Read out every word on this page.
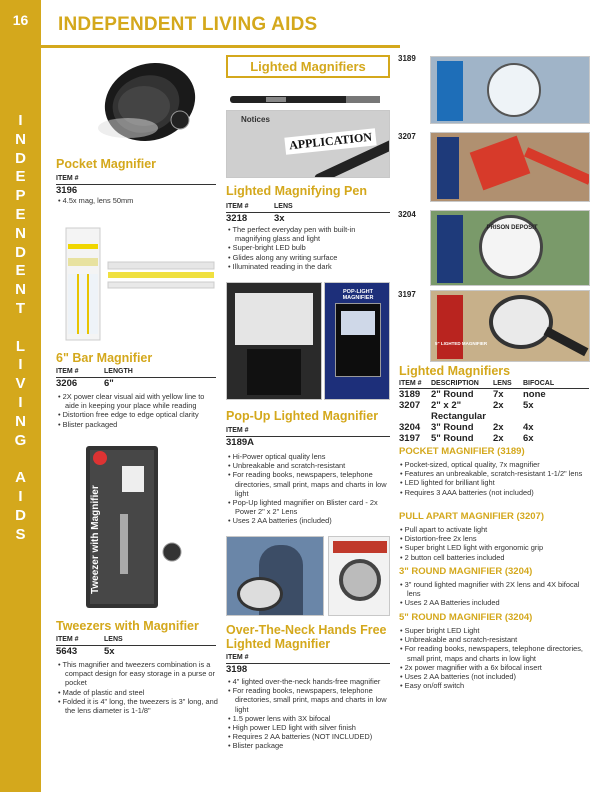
16
I
N
D
E
P
E
N
D
E
N
T
L
I
V
I
N
G
A
I
D
S
INDEPENDENT LIVING AIDS
Lighted Magnifiers
Pocket Magnifier
ITEM #
3196
• 4.5x mag, lens 50mm
6" Bar Magnifier
ITEM #	LENGTH
3206	6"
• 2X power clear visual aid with yellow line to aide in keeping your place while reading
• Distortion free edge to edge optical clarity
• Blister packaged
Tweezer with Magnifier
Tweezers with Magnifier
ITEM #	LENS
5643	5x
• This magnifier and tweezers combination is a compact design for easy storage in a purse or pocket
• Made of plastic and steel
• Folded it is 4" long, the tweezers is 3" long, and the lens diameter is 1-1/8"
Notices
APPLICATION
Lighted Magnifying Pen
ITEM #	LENS
3218	3x
• The perfect everyday pen with built-in magnifying glass and light
• Super-bright LED bulb
• Glides along any writing surface
• Illuminated reading in the dark
POP-LIGHT MAGNIFIER
Pop-Up Lighted Magnifier
ITEM #
3189A
• Hi-Power optical quality lens
• Unbreakable and scratch-resistant
• For reading books, newspapers, telephone directories, small print, maps and charts in low light
• Pop-Up lighted magnifier on Blister card - 2x Power 2" x 2" Lens
• Uses 2 AA batteries (included)
Over-The-Neck Hands Free Lighted Magnifier
ITEM #
3198
• 4" lighted over-the-neck hands-free magnifier
• For reading books, newspapers, telephone directories, small print, maps and charts in low light
• 1.5 power lens with 3X bifocal
• High power LED light with silver finish
• Requires 2 AA batteries (NOT INCLUDED)
• Blister package
3189
3207
3204
PRISON DEPOSIT
3197
5" LIGHTED MAGNIFIER
Lighted Magnifiers
ITEM #	DESCRIPTION	LENS	BIFOCAL
3189	2" Round	7x	none
3207	2" x 2" Rectangular	2x	5x
3204	3" Round	2x	4x
3197	5" Round	2x	6x
POCKET MAGNIFIER (3189)
• Pocket-sized, optical quality, 7x magnifier
• Features an unbreakable, scratch-resistant 1-1/2" lens
• LED lighted for brilliant light
• Requires 3 AAA batteries (not included)
PULL APART MAGNIFIER (3207)
• Pull apart to activate light
• Distortion-free 2x lens
• Super bright LED light with ergonomic grip
• 2 button cell batteries included
3" ROUND MAGNIFIER (3204)
• 3" round lighted magnifier with 2X lens and 4X bifocal lens
• Uses 2 AA Batteries included
5" ROUND MAGNIFIER (3204)
• Super bright LED Light
• Unbreakable and scratch-resistant
• For reading books, newspapers, telephone directories, small print, maps and charts in low light
• 2x power magnifier with a 6x bifocal insert
• Uses 2 AA batteries (not included)
• Easy on/off switch
